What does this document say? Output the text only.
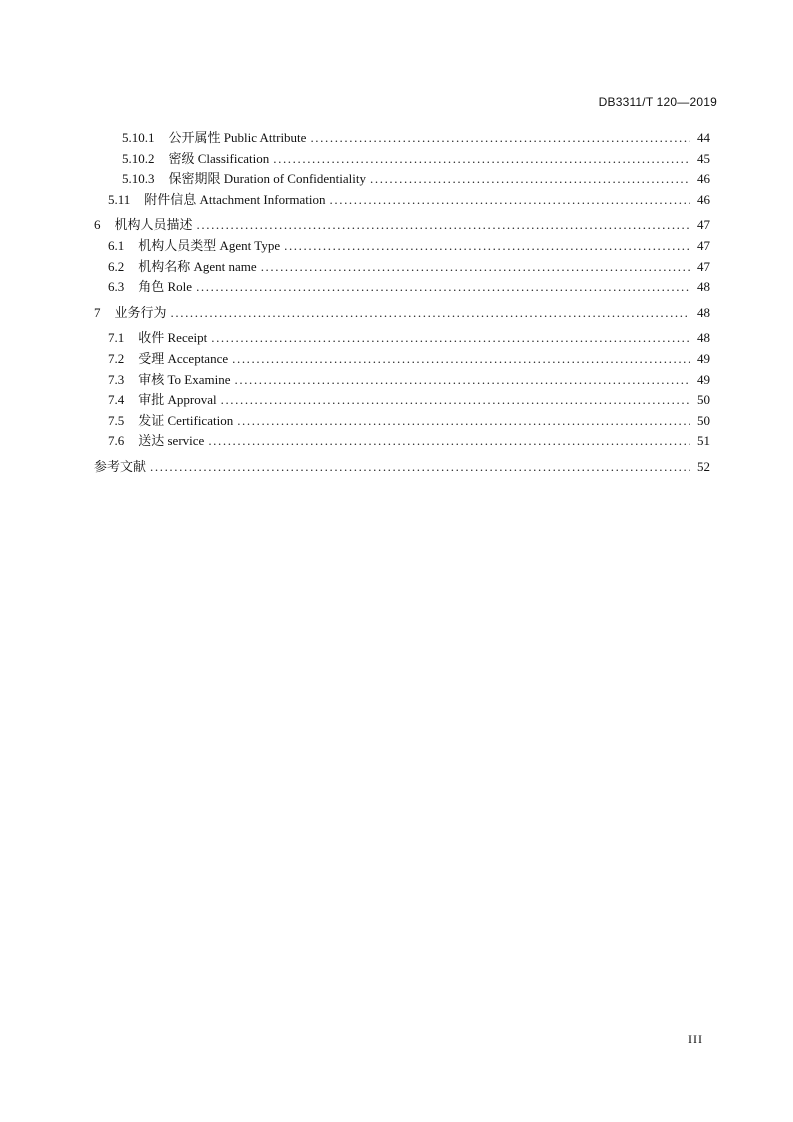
DB3311/T 120—2019
5.10.1 公开属性 Public Attribute .....	44
5.10.2 密级 Classification .....	45
5.10.3 保密期限 Duration of Confidentiality .....	46
5.11 附件信息 Attachment Information .....	46
6 机构人员描述 .....	47
6.1 机构人员类型 Agent Type .....	47
6.2 机构名称 Agent name .....	47
6.3 角色 Role .....	48
7 业务行为 .....	48
7.1 收件 Receipt .....	48
7.2 受理 Acceptance .....	49
7.3 审核 To Examine .....	49
7.4 审批 Approval .....	50
7.5 发证 Certification .....	50
7.6 送达 service .....	51
参考文献 .....	52
III
